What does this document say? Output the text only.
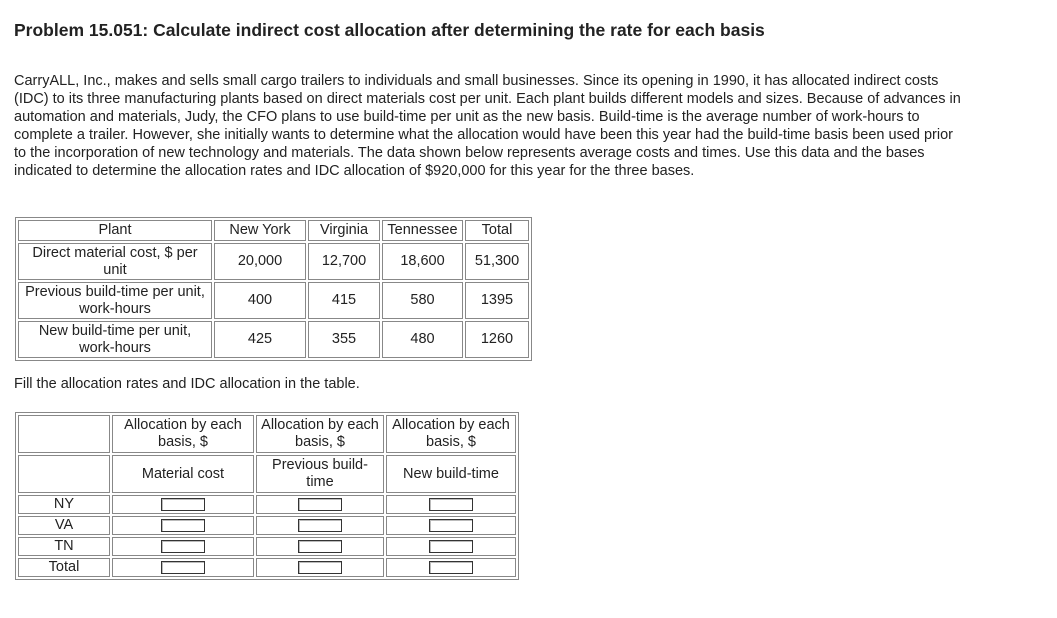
Problem 15.051: Calculate indirect cost allocation after determining the rate for each basis

CarryALL, Inc., makes and sells small cargo trailers to individuals and small businesses. Since its opening in 1990, it has allocated indirect costs (IDC) to its three manufacturing plants based on direct materials cost per unit. Each plant builds different models and sizes. Because of advances in automation and materials, Judy, the CFO plans to use build-time per unit as the new basis. Build-time is the average number of work-hours to complete a trailer. However, she initially wants to determine what the allocation would have been this year had the build-time basis been used prior to the incorporation of new technology and materials. The data shown below represents average costs and times. Use this data and the bases indicated to determine the allocation rates and IDC allocation of $920,000 for this year for the three bases.

Plant	New York	Virginia	Tennessee	Total
Direct material cost, $ per unit	20,000	12,700	18,600	51,300
Previous build-time per unit, work-hours	400	415	580	1395
New build-time per unit, work-hours	425	355	480	1260

Fill the allocation rates and IDC allocation in the table.

	Allocation by each basis, $	Allocation by each basis, $	Allocation by each basis, $
	Material cost	Previous build-time	New build-time
NY	

VA	

TN	

Total	
